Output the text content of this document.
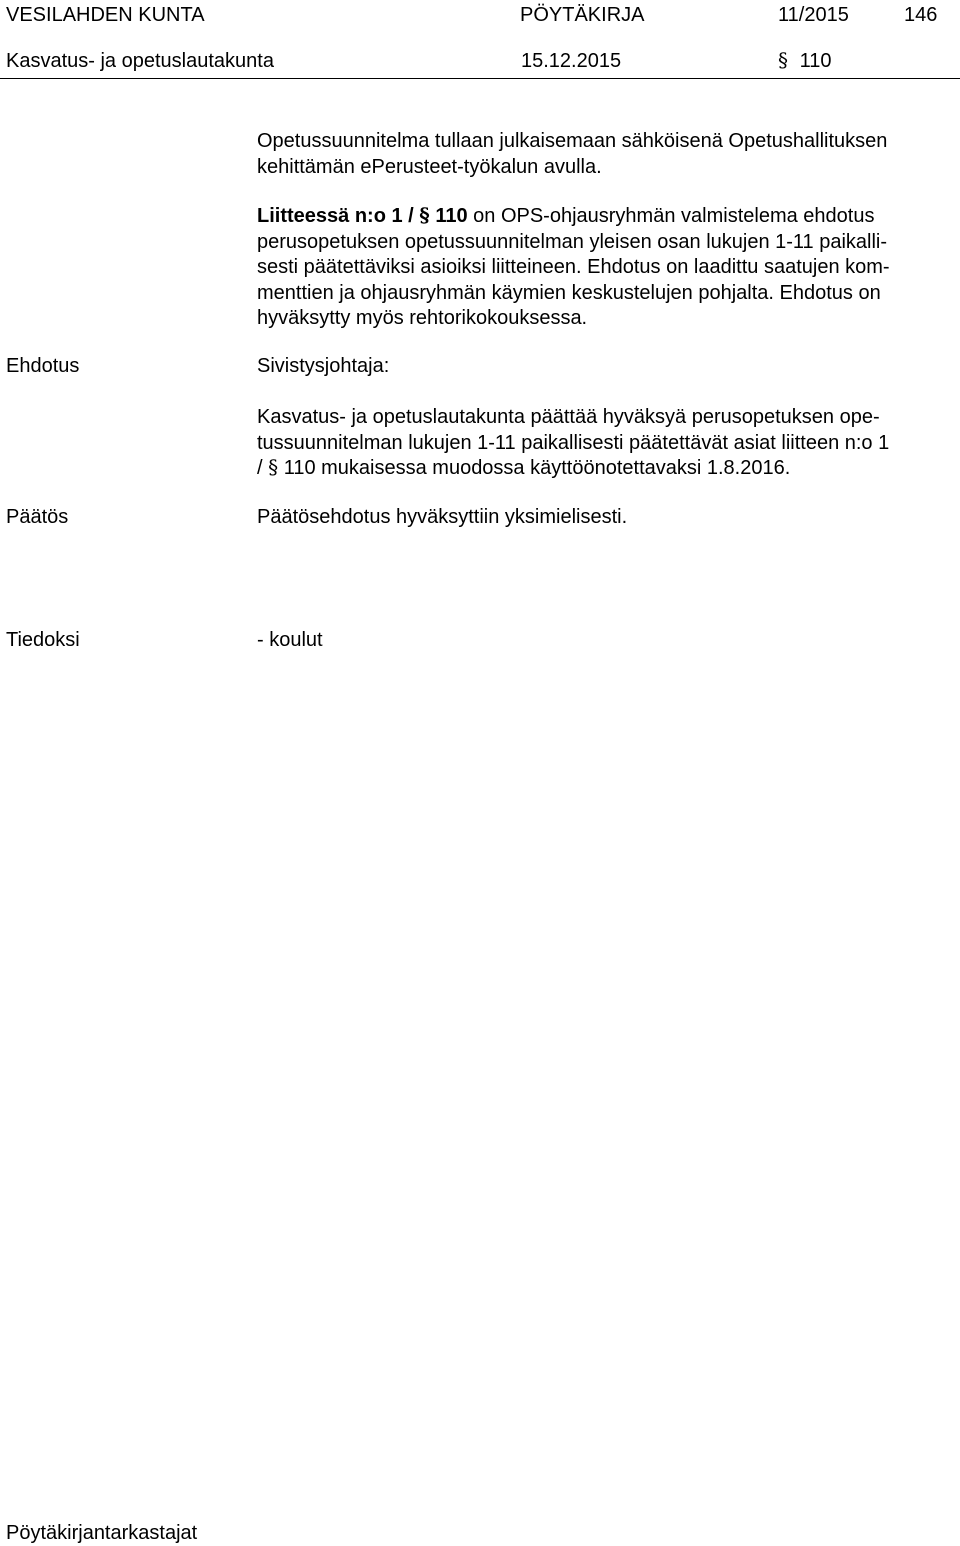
VESILAHDEN KUNTA	PÖYTÄKIRJA	11/2015	146
Kasvatus- ja opetuslautakunta	15.12.2015	§ 110
Opetussuunnitelma tullaan julkaisemaan sähköisenä Opetushallituksen
kehittämän ePerusteet-työkalun avulla.
Liitteessä n:o 1 / § 110 on OPS-ohjausryhmän valmistelema ehdotus
perusopetuksen opetussuunnitelman yleisen osan lukujen 1-11 paikalli-
sesti päätettäviksi asioiksi liitteineen. Ehdotus on laadittu saatujen kom-
menttien ja ohjausryhmän käymien keskustelujen pohjalta. Ehdotus on
hyväksytty myös rehtorikokouksessa.
Ehdotus	Sivistysjohtaja:
Kasvatus- ja opetuslautakunta päättää hyväksyä perusopetuksen ope-
tussuunnitelman lukujen 1-11 paikallisesti päätettävät asiat liitteen n:o 1
/ § 110 mukaisessa muodossa käyttöönotettavaksi 1.8.2016.
Päätös	Päätösehdotus hyväksyttiin yksimielisesti.
Tiedoksi	- koulut
Pöytäkirjantarkastajat
